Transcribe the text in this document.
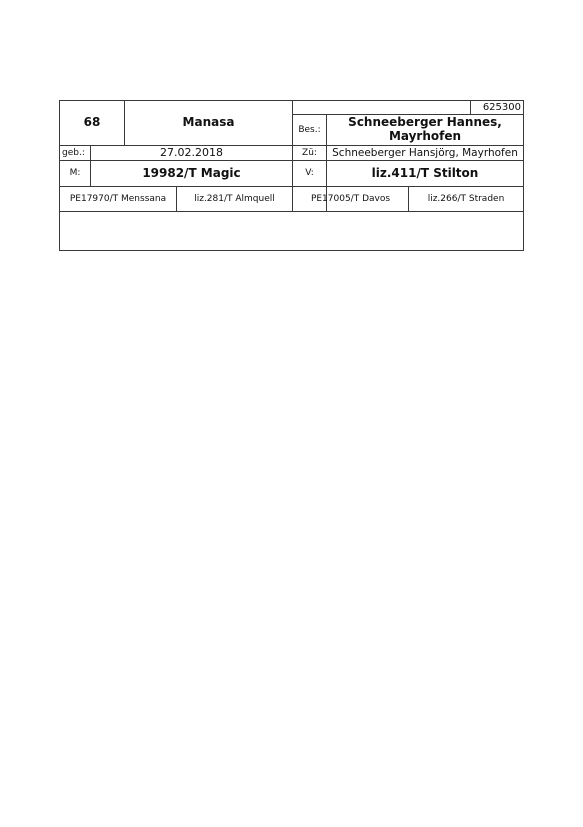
625300
68	Manasa
Bes.:
Schneeberger Hannes,
Mayrhofen
geb.:	27.02.2018	Zü:	Schneeberger Hansjörg, Mayrhofen
M:	19982/T Magic	V:	liz.411/T Stilton
PE17970/T Menssana	liz.281/T Almquell	PE17005/T Davos	liz.266/T Straden
